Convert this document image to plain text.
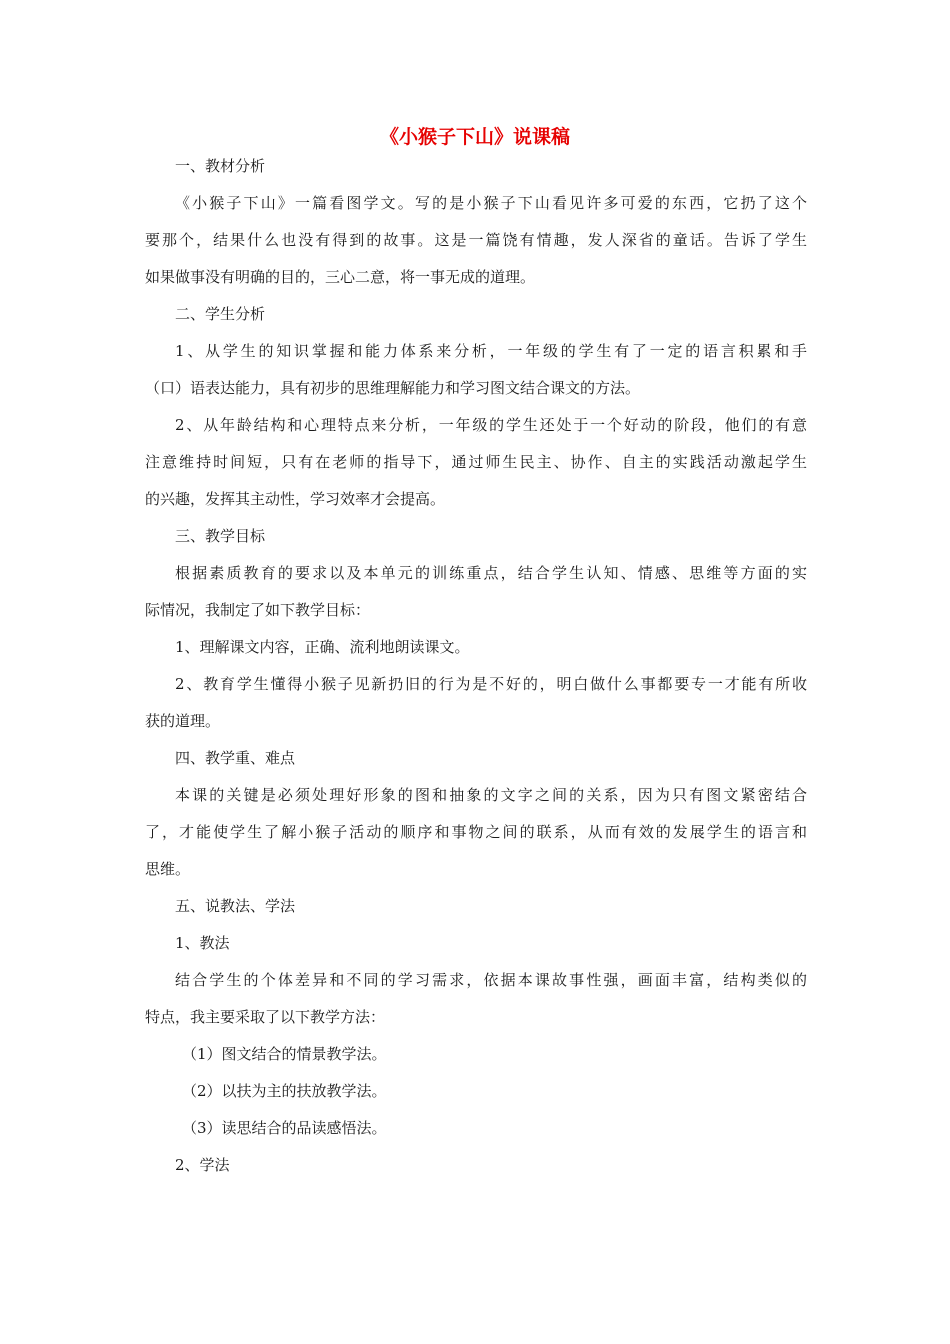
《小猴子下山》说课稿
一、教材分析
《小猴子下山》一篇看图学文。写的是小猴子下山看见许多可爱的东西，它扔了这个
要那个，结果什么也没有得到的故事。这是一篇饶有情趣，发人深省的童话。告诉了学生
如果做事没有明确的目的，三心二意，将一事无成的道理。
二、学生分析
1、从学生的知识掌握和能力体系来分析，一年级的学生有了一定的语言积累和手
（口）语表达能力，具有初步的思维理解能力和学习图文结合课文的方法。
2、从年龄结构和心理特点来分析，一年级的学生还处于一个好动的阶段，他们的有意
注意维持时间短，只有在老师的指导下，通过师生民主、协作、自主的实践活动激起学生
的兴趣，发挥其主动性，学习效率才会提高。
三、教学目标
根据素质教育的要求以及本单元的训练重点，结合学生认知、情感、思维等方面的实
际情况，我制定了如下教学目标：
1、理解课文内容，正确、流利地朗读课文。
2、教育学生懂得小猴子见新扔旧的行为是不好的，明白做什么事都要专一才能有所收
获的道理。
四、教学重、难点
本课的关键是必须处理好形象的图和抽象的文字之间的关系，因为只有图文紧密结合
了，才能使学生了解小猴子活动的顺序和事物之间的联系，从而有效的发展学生的语言和
思维。
五、说教法、学法
1、教法
结合学生的个体差异和不同的学习需求，依据本课故事性强，画面丰富，结构类似的
特点，我主要采取了以下教学方法：
（1）图文结合的情景教学法。
（2）以扶为主的扶放教学法。
（3）读思结合的品读感悟法。
2、学法
